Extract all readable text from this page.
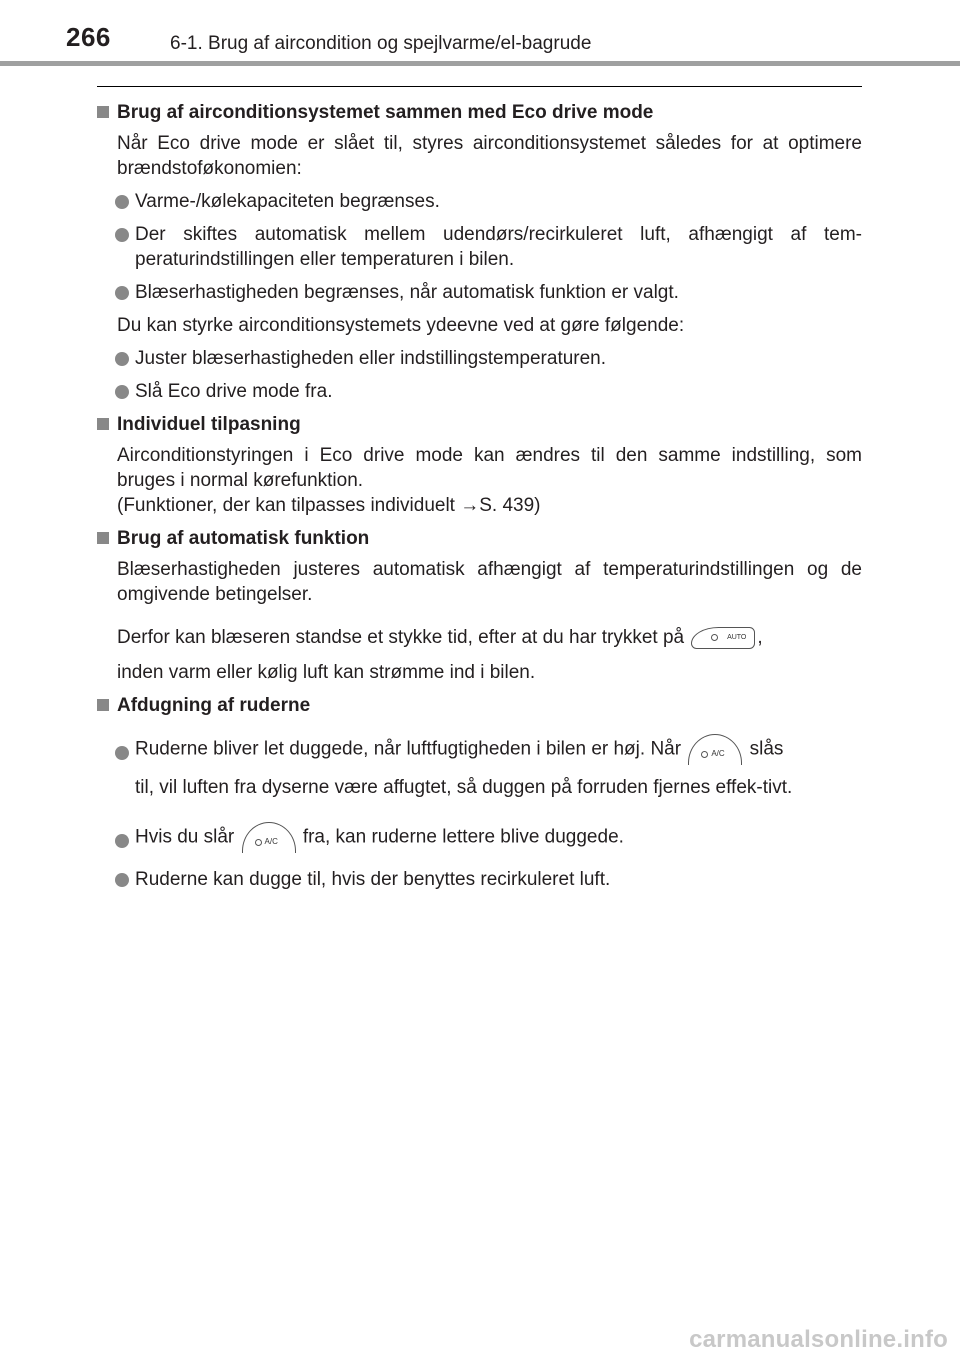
266	6-1. Brug af aircondition og spejlvarme/el-bagrude
Brug af airconditionsystemet sammen med Eco drive mode
Når Eco drive mode er slået til, styres airconditionsystemet således for at optimere brændstoføkonomien:
Varme-/kølekapaciteten begrænses.
Der skiftes automatisk mellem udendørs/recirkuleret luft, afhængigt af tem-peraturindstillingen eller temperaturen i bilen.
Blæserhastigheden begrænses, når automatisk funktion er valgt.
Du kan styrke airconditionsystemets ydeevne ved at gøre følgende:
Juster blæserhastigheden eller indstillingstemperaturen.
Slå Eco drive mode fra.
Individuel tilpasning
Airconditionstyringen i Eco drive mode kan ændres til den samme indstilling, som bruges i normal kørefunktion.
(Funktioner, der kan tilpasses individuelt →S. 439)
Brug af automatisk funktion
Blæserhastigheden justeres automatisk afhængigt af temperaturindstillingen og de omgivende betingelser.
Derfor kan blæseren standse et stykke tid, efter at du har trykket på	AUTO ,
inden varm eller kølig luft kan strømme ind i bilen.
Afdugning af ruderne
Ruderne bliver let duggede, når luftfugtigheden i bilen er høj. Når	A/C slås
til, vil luften fra dyserne være affugtet, så duggen på forruden fjernes effek-tivt.
Hvis du slår	A/C fra, kan ruderne lettere blive duggede.
Ruderne kan dugge til, hvis der benyttes recirkuleret luft.
carmanualsonline.info
